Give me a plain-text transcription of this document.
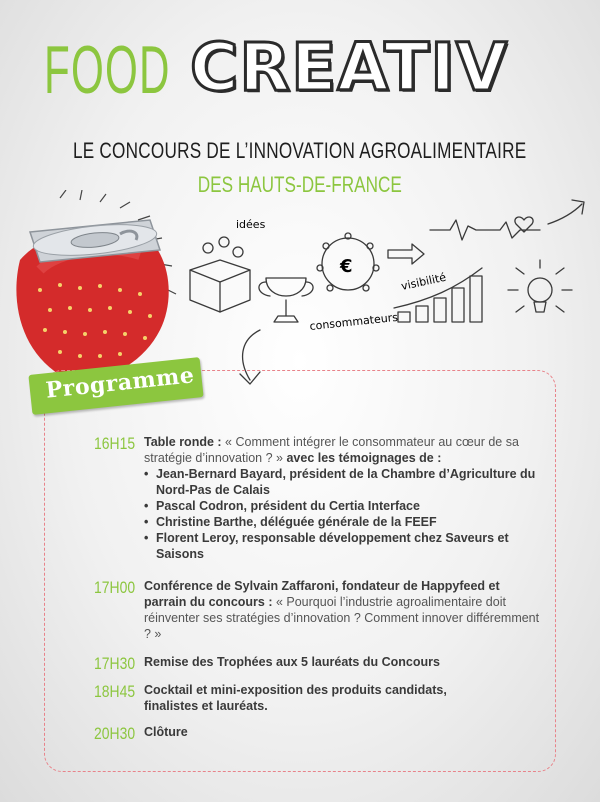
FOOD CREATIV
LE CONCOURS DE L’INNOVATION AGROALIMENTAIRE
DES HAUTS-DE-FRANCE
idées
€
visibilité
consommateurs
Programme
16H15 Table ronde : « Comment intégrer le consommateur au cœur de sa stratégie d’innovation ? » avec les témoignages de :
• Jean-Bernard Bayard, président de la Chambre d’Agriculture du Nord-Pas de Calais
• Pascal Codron, président du Certia Interface
• Christine Barthe, déléguée générale de la FEEF
• Florent Leroy, responsable développement chez Saveurs et Saisons
17H00 Conférence de Sylvain Zaffaroni, fondateur de Happyfeed et parrain du concours : « Pourquoi l’industrie agroalimentaire doit réinventer ses stratégies d’innovation ? Comment innover différemment ? »
17H30 Remise des Trophées aux 5 lauréats du Concours
18H45 Cocktail et mini-exposition des produits candidats, finalistes et lauréats.
20H30 Clôture
